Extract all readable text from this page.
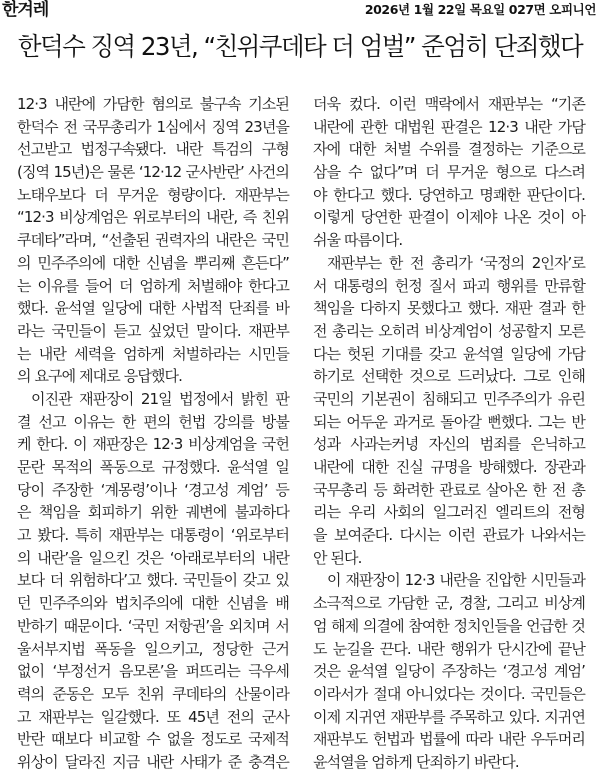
한겨레	2026년 1월 22일 목요일 027면 오피니언
한덕수 징역 23년, “친위쿠데타 더 엄벌” 준엄히 단죄했다
12·3 내란에 가담한 혐의로 불구속 기소된
한덕수 전 국무총리가 1심에서 징역 23년을
선고받고 법정구속됐다. 내란 특검의 구형
(징역 15년)은 물론 ‘12·12 군사반란’ 사건의
노태우보다 더 무거운 형량이다. 재판부는
“12·3 비상계엄은 위로부터의 내란, 즉 친위
쿠데타”라며, “선출된 권력자의 내란은 국민
의 민주주의에 대한 신념을 뿌리째 흔든다”
는 이유를 들어 더 엄하게 처벌해야 한다고
했다. 윤석열 일당에 대한 사법적 단죄를 바
라는 국민들이 듣고 싶었던 말이다. 재판부
는 내란 세력을 엄하게 처벌하라는 시민들
의 요구에 제대로 응답했다.
이진관 재판장이 21일 법정에서 밝힌 판
결 선고 이유는 한 편의 헌법 강의를 방불
케 한다. 이 재판장은 12·3 비상계엄을 국헌
문란 목적의 폭동으로 규정했다. 윤석열 일
당이 주장한 ‘계몽령’이나 ‘경고성 계엄’ 등
은 책임을 회피하기 위한 궤변에 불과하다
고 봤다. 특히 재판부는 대통령이 ‘위로부터
의 내란’을 일으킨 것은 ‘아래로부터의 내란
보다 더 위험하다’고 했다. 국민들이 갖고 있
던 민주주의와 법치주의에 대한 신념을 배
반하기 때문이다. ‘국민 저항권’을 외치며 서
울서부지법 폭동을 일으키고, 정당한 근거
없이 ‘부정선거 음모론’을 퍼뜨리는 극우세
력의 준동은 모두 친위 쿠데타의 산물이라
고 재판부는 일갈했다. 또 45년 전의 군사
반란 때보다 비교할 수 없을 정도로 국제적
위상이 달라진 지금 내란 사태가 준 충격은
더욱 컸다. 이런 맥락에서 재판부는 “기존
내란에 관한 대법원 판결은 12·3 내란 가담
자에 대한 처벌 수위를 결정하는 기준으로
삼을 수 없다”며 더 무거운 형으로 다스려
야 한다고 했다. 당연하고 명쾌한 판단이다.
이렇게 당연한 판결이 이제야 나온 것이 아
쉬울 따름이다.
재판부는 한 전 총리가 ‘국정의 2인자’로
서 대통령의 헌정 질서 파괴 행위를 만류할
책임을 다하지 못했다고 했다. 재판 결과 한
전 총리는 오히려 비상계엄이 성공할지 모른
다는 헛된 기대를 갖고 윤석열 일당에 가담
하기로 선택한 것으로 드러났다. 그로 인해
국민의 기본권이 침해되고 민주주의가 유린
되는 어두운 과거로 돌아갈 뻔했다. 그는 반
성과 사과는커녕 자신의 범죄를 은닉하고
내란에 대한 진실 규명을 방해했다. 장관과
국무총리 등 화려한 관료로 살아온 한 전 총
리는 우리 사회의 일그러진 엘리트의 전형
을 보여준다. 다시는 이런 관료가 나와서는
안 된다.
이 재판장이 12·3 내란을 진압한 시민들과
소극적으로 가담한 군, 경찰, 그리고 비상계
엄 해제 의결에 참여한 정치인들을 언급한 것
도 눈길을 끈다. 내란 행위가 단시간에 끝난
것은 윤석열 일당이 주장하는 ‘경고성 계엄’
이라서가 절대 아니었다는 것이다. 국민들은
이제 지귀연 재판부를 주목하고 있다. 지귀연
재판부도 헌법과 법률에 따라 내란 우두머리
윤석열을 엄하게 단죄하기 바란다.
